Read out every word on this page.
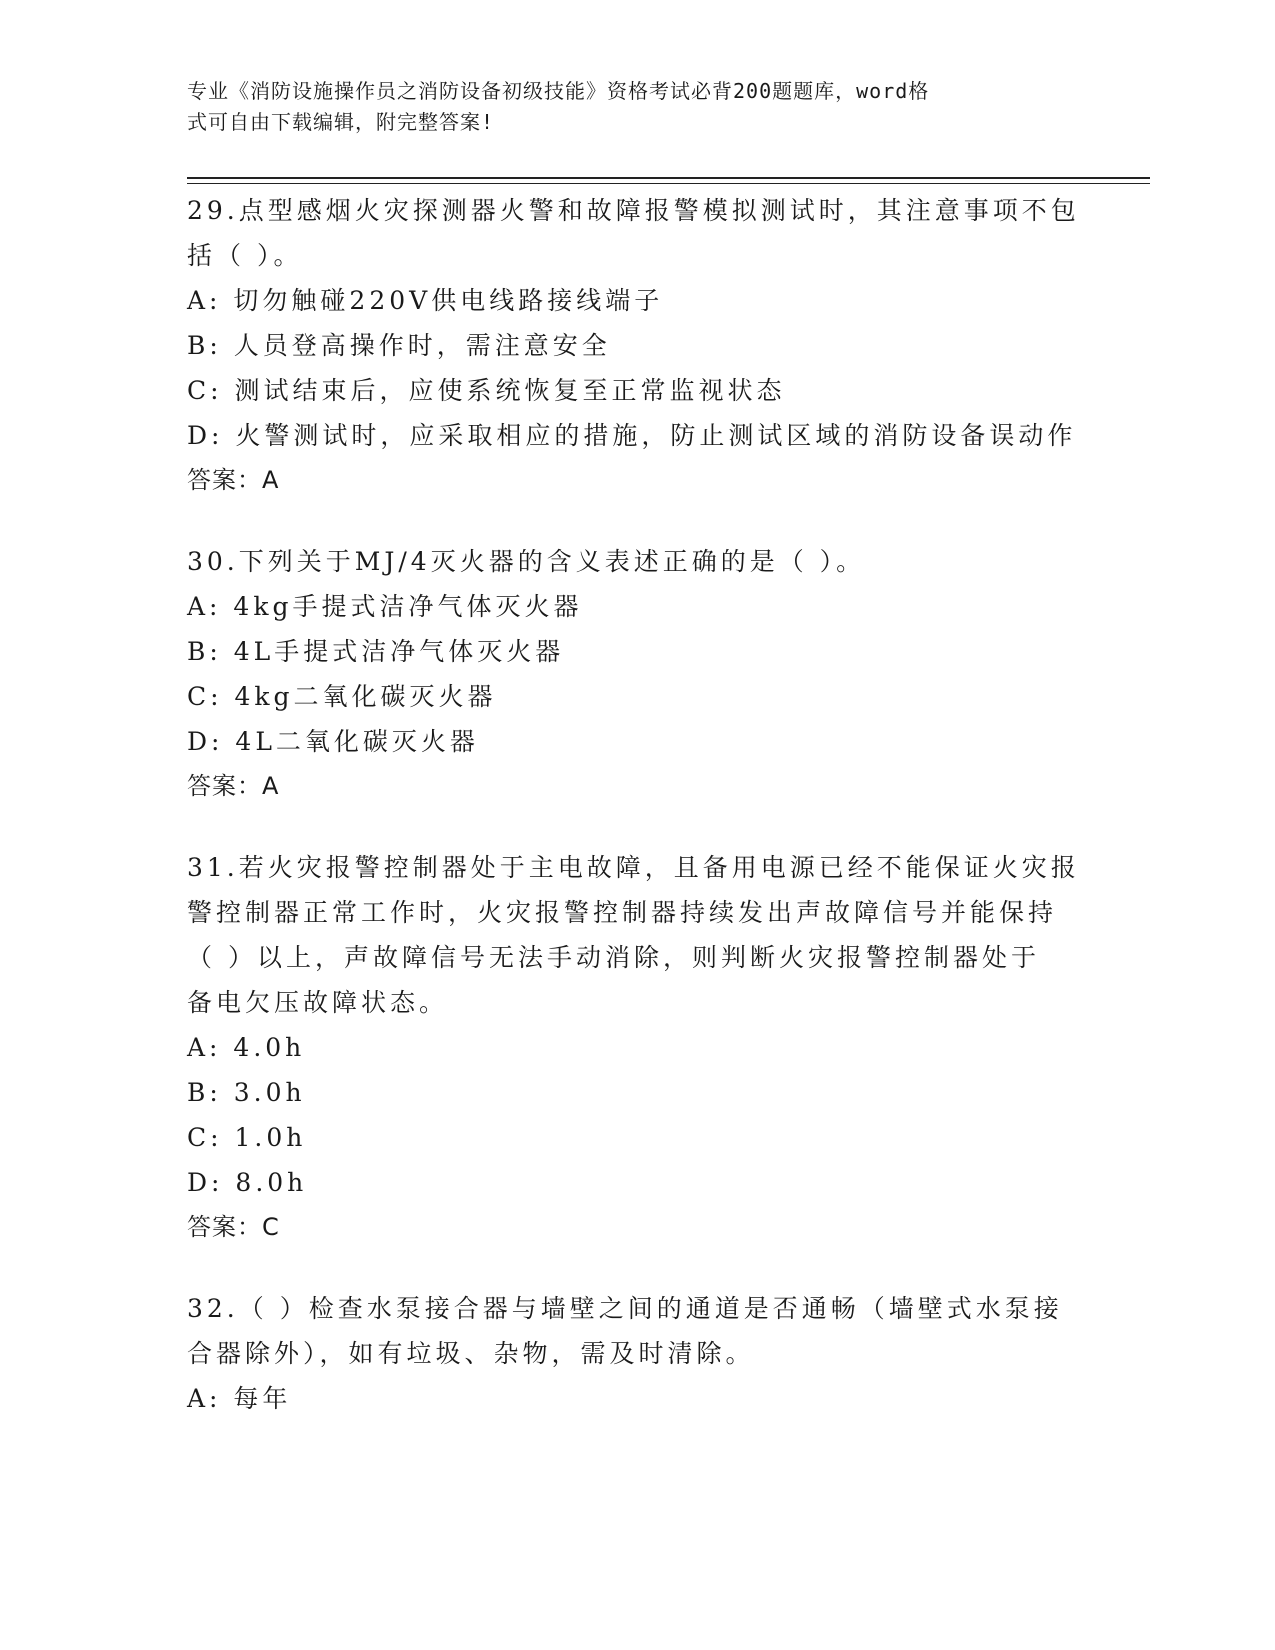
专业《消防设施操作员之消防设备初级技能》资格考试必背200题题库，word格
式可自由下载编辑，附完整答案!
29.点型感烟火灾探测器火警和故障报警模拟测试时，其注意事项不包
括（ ）。
A: 切勿触碰220V供电线路接线端子
B: 人员登高操作时，需注意安全
C: 测试结束后，应使系统恢复至正常监视状态
D: 火警测试时，应采取相应的措施，防止测试区域的消防设备误动作
答案：A
30.下列关于MJ/4灭火器的含义表述正确的是（ ）。
A: 4kg手提式洁净气体灭火器
B: 4L手提式洁净气体灭火器
C: 4kg二氧化碳灭火器
D: 4L二氧化碳灭火器
答案：A
31.若火灾报警控制器处于主电故障，且备用电源已经不能保证火灾报
警控制器正常工作时，火灾报警控制器持续发出声故障信号并能保持
（ ）以上，声故障信号无法手动消除，则判断火灾报警控制器处于
备电欠压故障状态。
A: 4.0h
B: 3.0h
C: 1.0h
D: 8.0h
答案：C
32.（ ）检查水泵接合器与墙壁之间的通道是否通畅（墙壁式水泵接
合器除外），如有垃圾、杂物，需及时清除。
A: 每年
